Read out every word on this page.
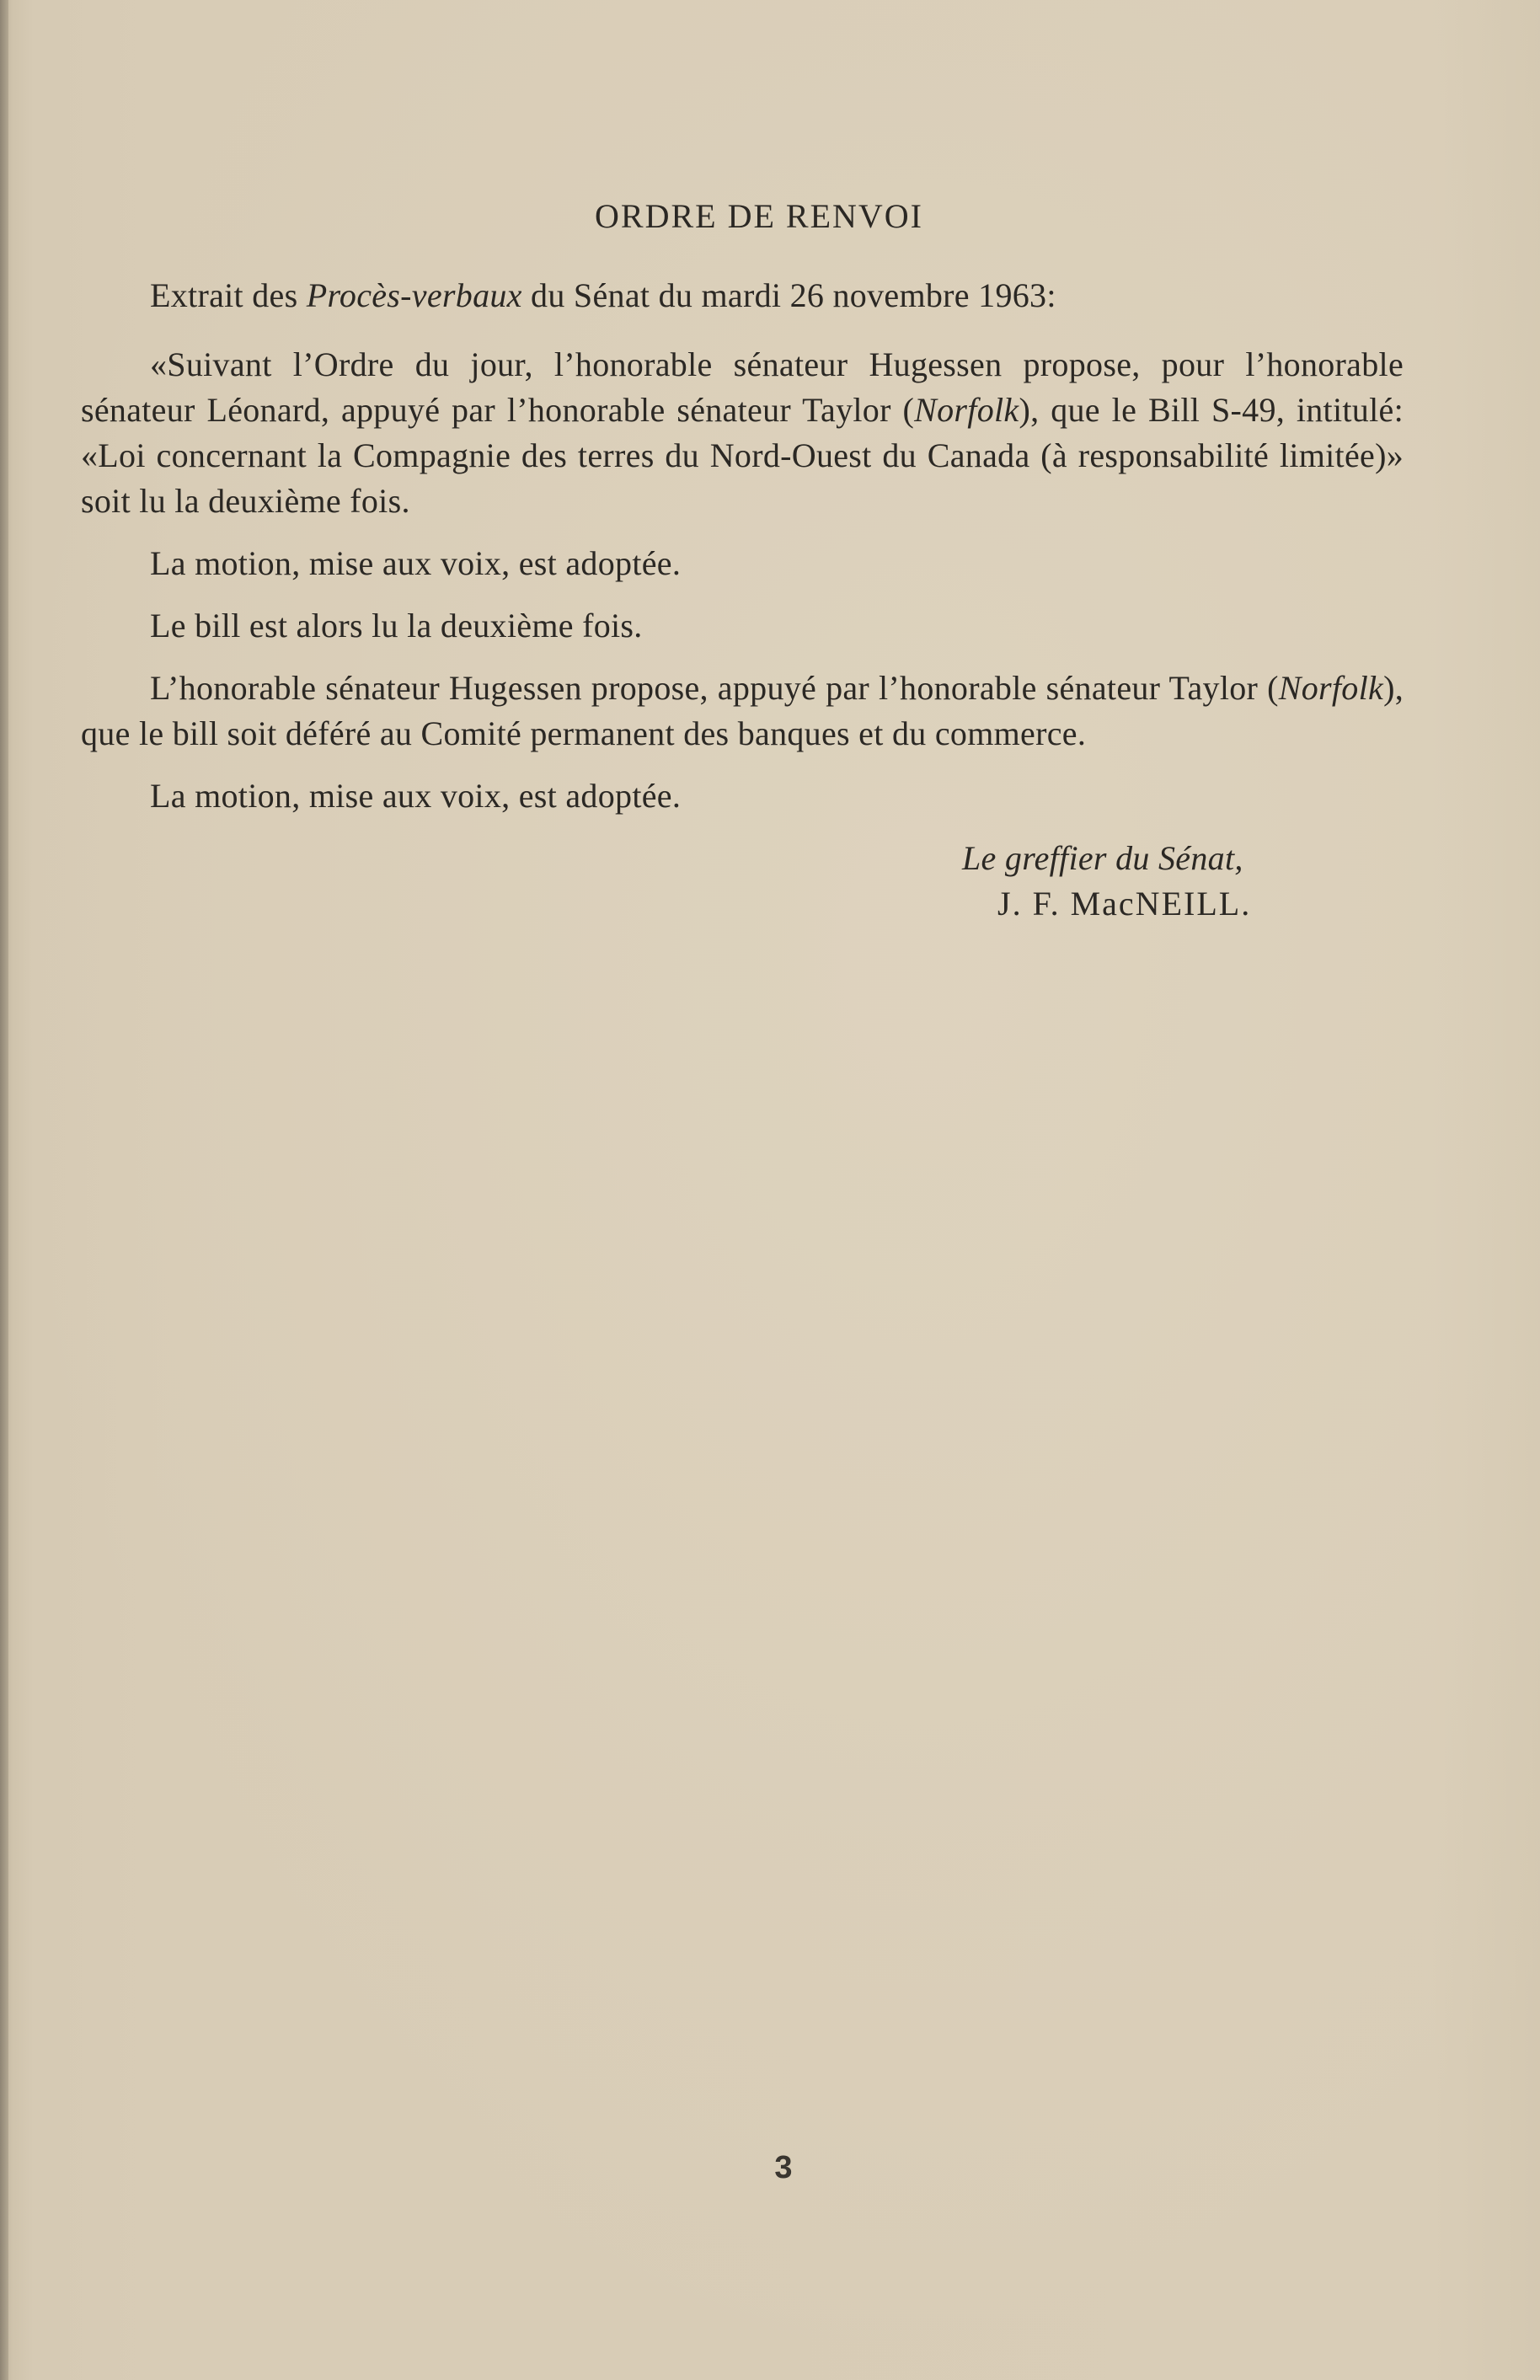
ORDRE DE RENVOI

Extrait des Procès-verbaux du Sénat du mardi 26 novembre 1963:

«Suivant l’Ordre du jour, l’honorable sénateur Hugessen propose, pour l’honorable sénateur Léonard, appuyé par l’honorable sénateur Taylor (Norfolk), que le Bill S-49, intitulé: «Loi concernant la Compagnie des terres du Nord-Ouest du Canada (à responsabilité limitée)» soit lu la deuxième fois.

La motion, mise aux voix, est adoptée.

Le bill est alors lu la deuxième fois.

L’honorable sénateur Hugessen propose, appuyé par l’honorable sénateur Taylor (Norfolk), que le bill soit déféré au Comité permanent des banques et du commerce.

La motion, mise aux voix, est adoptée.

Le greffier du Sénat,
J. F. MacNEILL.
3
